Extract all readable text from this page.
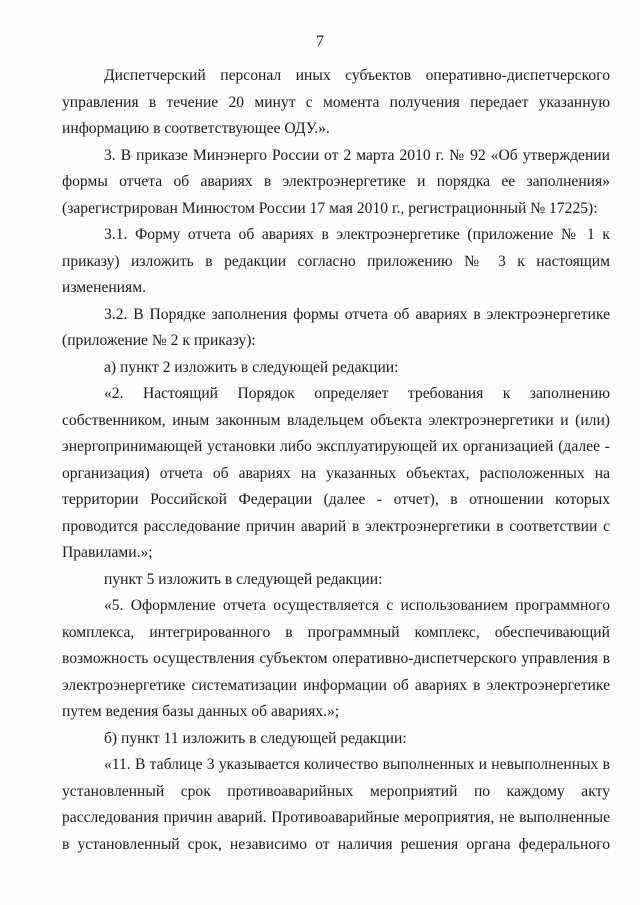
7

Диспетчерский персонал иных субъектов оперативно-диспетчерского управления в течение 20 минут с момента получения передает указанную информацию в соответствующее ОДУ.».

3. В приказе Минэнерго России от 2 марта 2010 г. № 92 «Об утверждении формы отчета об авариях в электроэнергетике и порядка ее заполнения» (зарегистрирован Минюстом России 17 мая 2010 г., регистрационный № 17225):

3.1. Форму отчета об авариях в электроэнергетике (приложение № 1 к приказу) изложить в редакции согласно приложению № 3 к настоящим изменениям.

3.2. В Порядке заполнения формы отчета об авариях в электроэнергетике (приложение № 2 к приказу):

а) пункт 2 изложить в следующей редакции:

«2. Настоящий Порядок определяет требования к заполнению собственником, иным законным владельцем объекта электроэнергетики и (или) энергопринимающей установки либо эксплуатирующей их организацией (далее - организация) отчета об авариях на указанных объектах, расположенных на территории Российской Федерации (далее - отчет), в отношении которых проводится расследование причин аварий в электроэнергетики в соответствии с Правилами.»;

пункт 5 изложить в следующей редакции:

«5. Оформление отчета осуществляется с использованием программного комплекса, интегрированного в программный комплекс, обеспечивающий возможность осуществления субъектом оперативно-диспетчерского управления в электроэнергетике систематизации информации об авариях в электроэнергетике путем ведения базы данных об авариях.»;

б) пункт 11 изложить в следующей редакции:

«11. В таблице 3 указывается количество выполненных и невыполненных в установленный срок противоаварийных мероприятий по каждому акту расследования причин аварий. Противоаварийные мероприятия, не выполненные в установленный срок, независимо от наличия решения органа федерального
